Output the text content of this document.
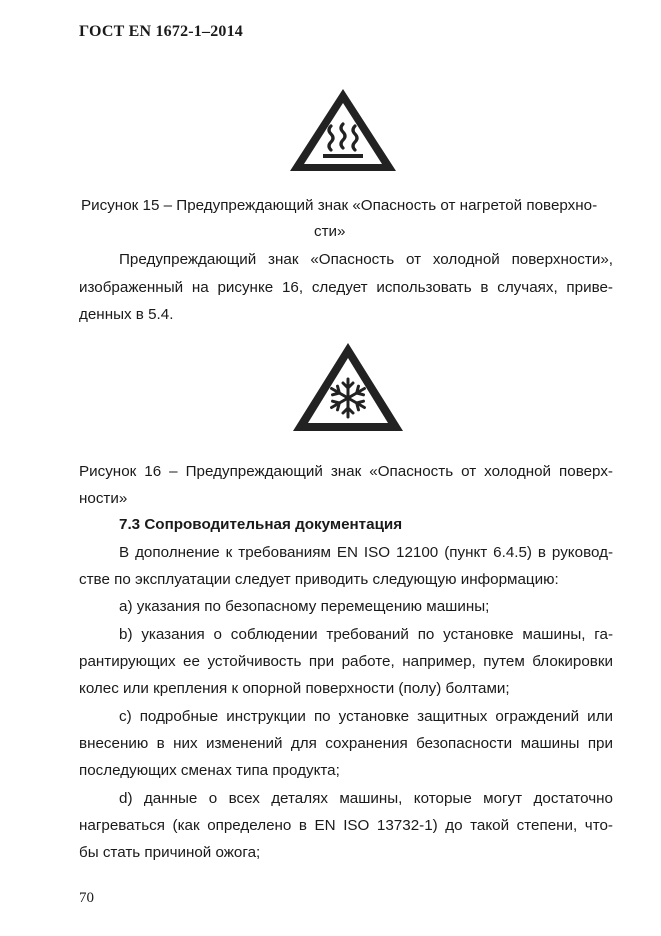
ГОСТ EN 1672-1–2014
Рисунок 15 – Предупреждающий знак «Опасность от нагретой поверхно-
сти»
Предупреждающий знак «Опасность от холодной поверхности»,
изображенный на рисунке 16, следует использовать в случаях, приве-
денных в 5.4.
Рисунок 16 – Предупреждающий знак «Опасность от холодной поверх-
ности»
7.3 Сопроводительная документация
В дополнение к требованиям EN ISO 12100 (пункт 6.4.5) в руковод-
стве по эксплуатации следует приводить следующую информацию:
а) указания по безопасному перемещению машины;
b) указания о соблюдении требований по установке машины, га-
рантирующих ее устойчивость при работе, например, путем блокировки
колес или крепления к опорной поверхности (полу) болтами;
с) подробные инструкции по установке защитных ограждений или
внесению в них изменений для сохранения безопасности машины при
последующих сменах типа продукта;
d) данные о всех деталях машины, которые могут достаточно
нагреваться (как определено в EN ISO 13732-1) до такой степени, что-
бы стать причиной ожога;
70
